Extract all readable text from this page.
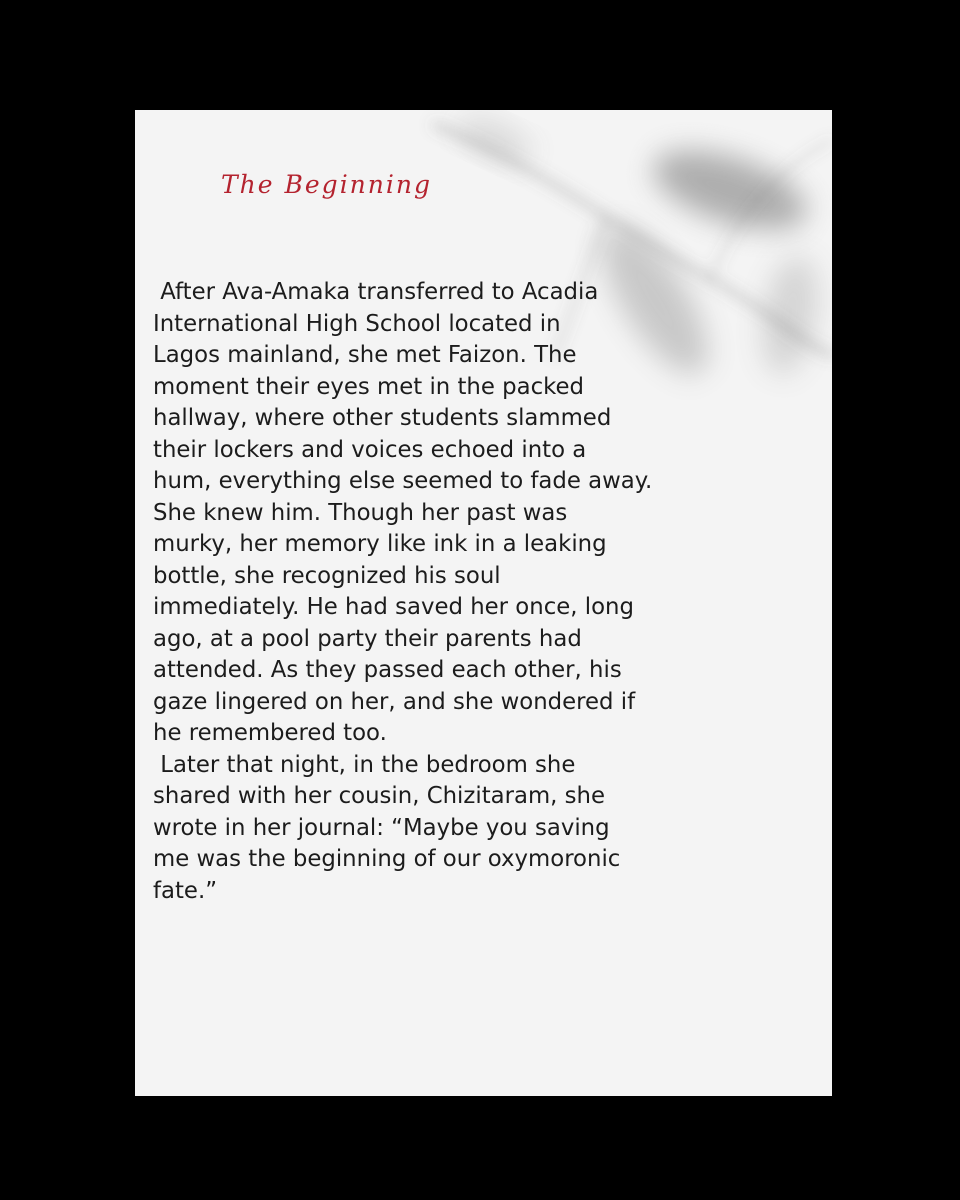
The Beginning
After Ava-Amaka transferred to Acadia
International High School located in
Lagos mainland, she met Faizon. The
moment their eyes met in the packed
hallway, where other students slammed
their lockers and voices echoed into a
hum, everything else seemed to fade away.
She knew him. Though her past was
murky, her memory like ink in a leaking
bottle, she recognized his soul
immediately. He had saved her once, long
ago, at a pool party their parents had
attended. As they passed each other, his
gaze lingered on her, and she wondered if
he remembered too.
Later that night, in the bedroom she
shared with her cousin, Chizitaram, she
wrote in her journal: “Maybe you saving
me was the beginning of our oxymoronic
fate.”
